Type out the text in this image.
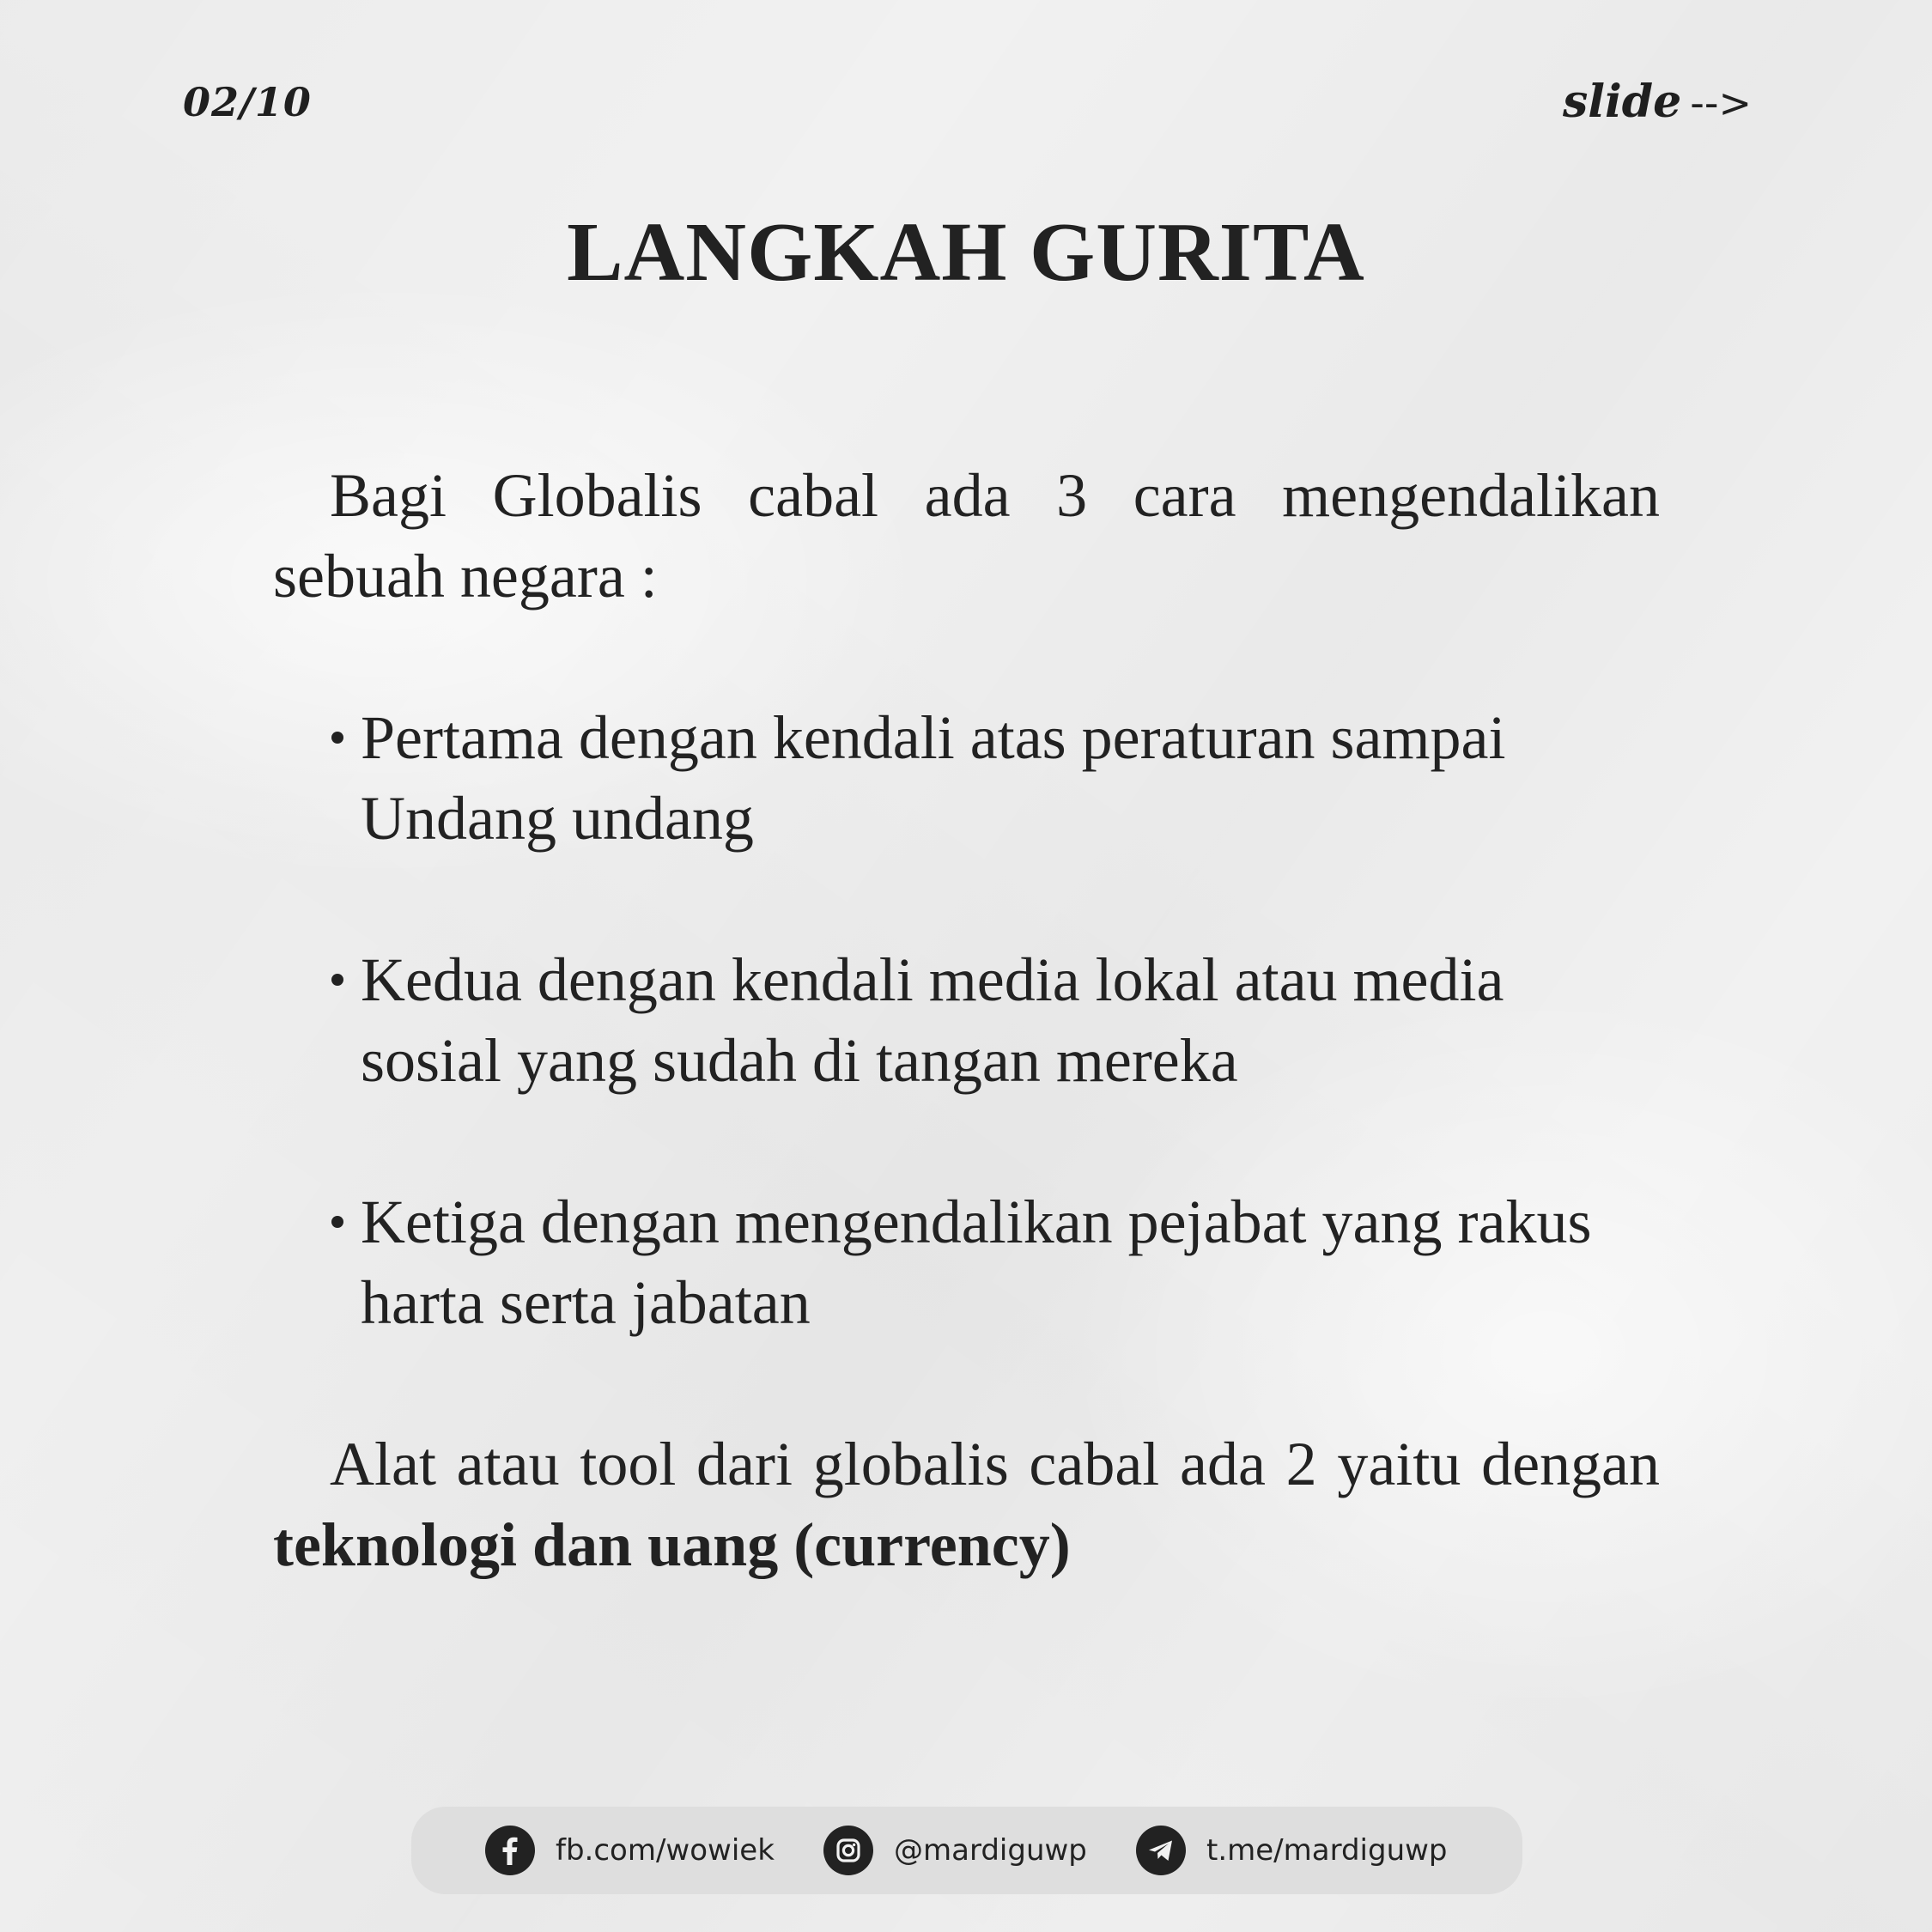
02/10	slide -->
LANGKAH GURITA

Bagi Globalis cabal ada 3 cara mengendalikan sebuah negara :

Pertama dengan kendali atas peraturan sampai Undang undang
Kedua dengan kendali media lokal atau media sosial yang sudah di tangan mereka
Ketiga dengan mengendalikan pejabat yang rakus harta serta jabatan

Alat atau tool dari globalis cabal ada 2 yaitu dengan teknologi dan uang (currency)

fb.com/wowiek	@mardiguwp	t.me/mardiguwp
